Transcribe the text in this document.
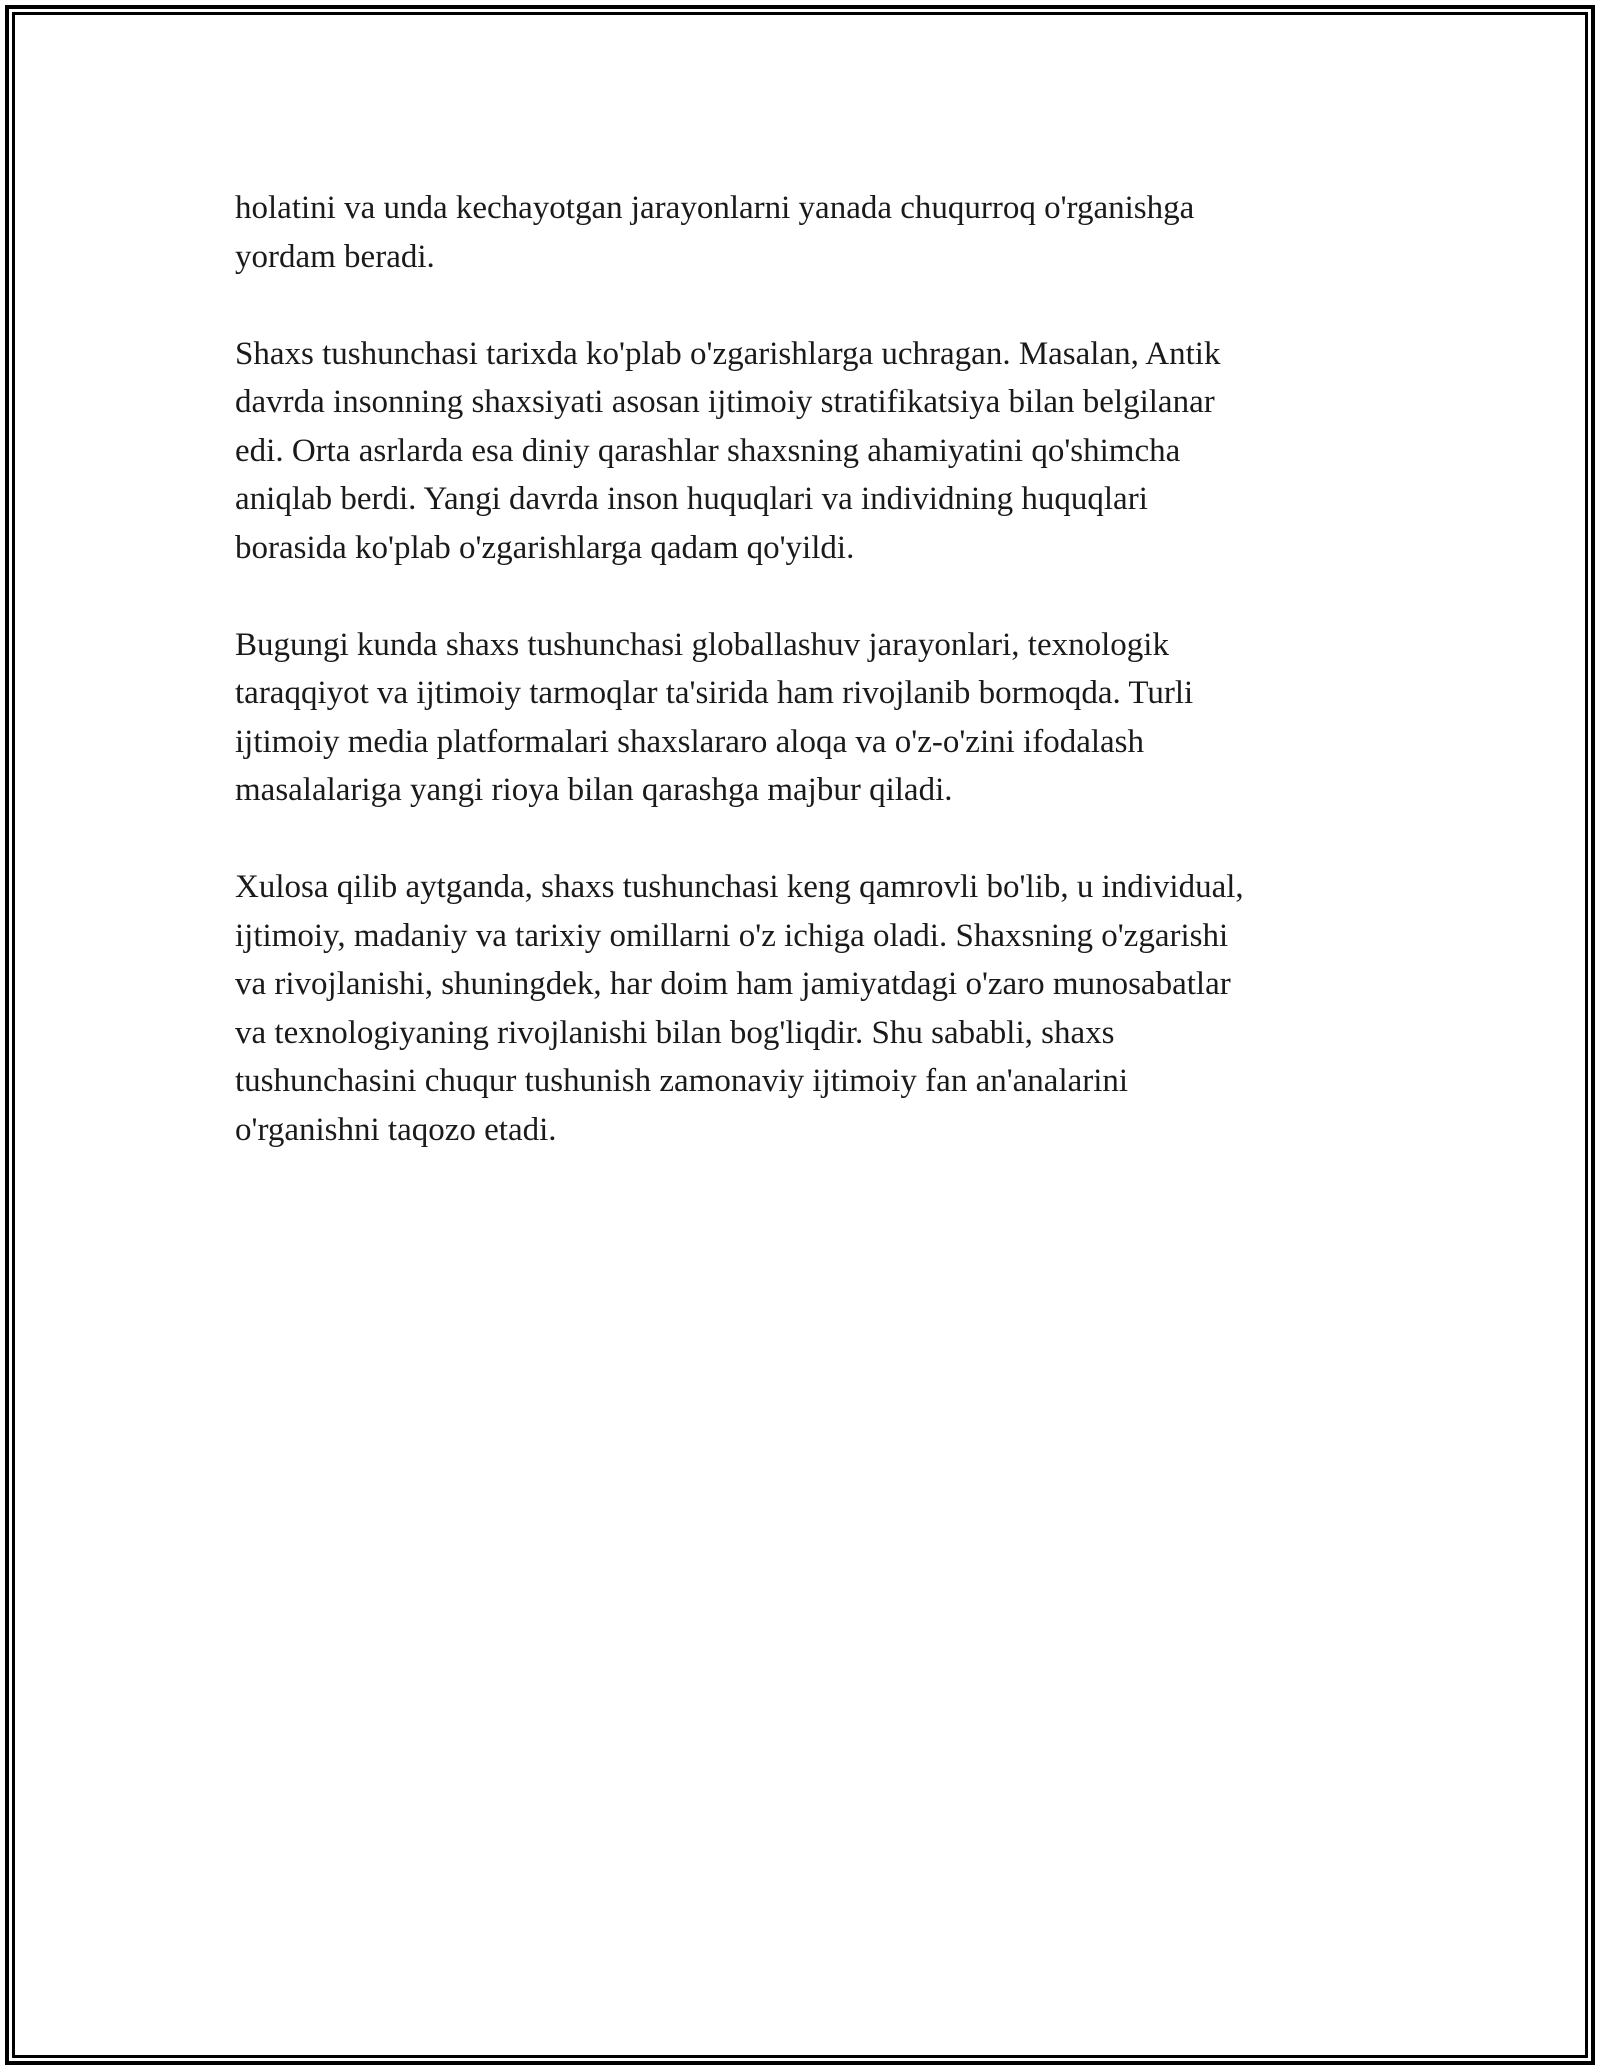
holatini va unda kechayotgan jarayonlarni yanada chuqurroq o'rganishga
yordam beradi.

Shaxs tushunchasi tarixda ko'plab o'zgarishlarga uchragan. Masalan, Antik
davrda insonning shaxsiyati asosan ijtimoiy stratifikatsiya bilan belgilanar
edi. Orta asrlarda esa diniy qarashlar shaxsning ahamiyatini qo'shimcha
aniqlab berdi. Yangi davrda inson huquqlari va individning huquqlari
borasida ko'plab o'zgarishlarga qadam qo'yildi.

Bugungi kunda shaxs tushunchasi globallashuv jarayonlari, texnologik
taraqqiyot va ijtimoiy tarmoqlar ta'sirida ham rivojlanib bormoqda. Turli
ijtimoiy media platformalari shaxslararo aloqa va o'z-o'zini ifodalash
masalalariga yangi rioya bilan qarashga majbur qiladi.

Xulosa qilib aytganda, shaxs tushunchasi keng qamrovli bo'lib, u individual,
ijtimoiy, madaniy va tarixiy omillarni o'z ichiga oladi. Shaxsning o'zgarishi
va rivojlanishi, shuningdek, har doim ham jamiyatdagi o'zaro munosabatlar
va texnologiyaning rivojlanishi bilan bog'liqdir. Shu sababli, shaxs
tushunchasini chuqur tushunish zamonaviy ijtimoiy fan an'analarini
o'rganishni taqozo etadi.
